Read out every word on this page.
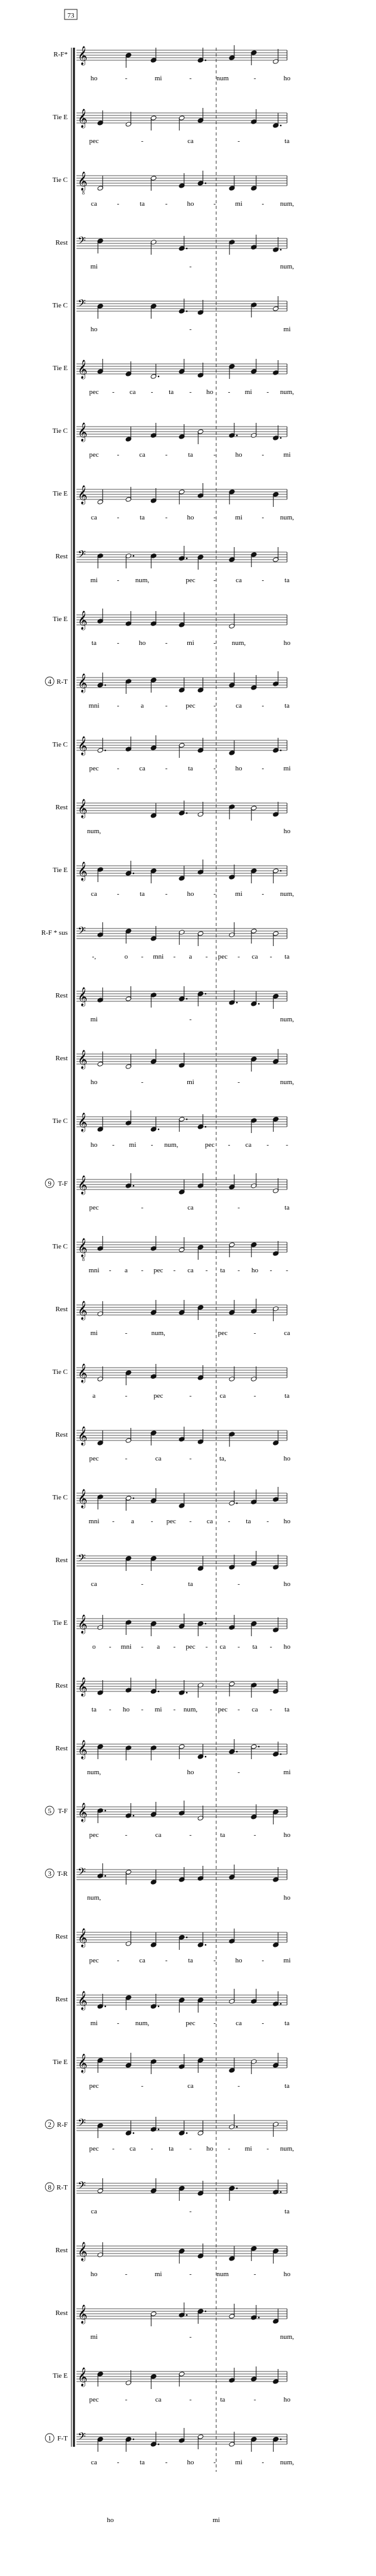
73
R-F* 𝄞
ho	-	mi	-	num	-	ho
Tie E 𝄞
pec	-	ca	-	ta
Tie C 𝄞
8
ca	-	ta	-	ho	-	mi	- num,
Rest 𝄢
mi	-	num,
Tie C 𝄢
ho	-	mi
Tie E 𝄞
pec - ca - ta - ho - mi - num,
Tie C 𝄞
pec	-	ca	-	ta	-	ho	-	mi
Tie E 𝄞
ca	-	ta	-	ho	-	mi	- num,
Rest 𝄢
mi	- num,	pec	-	ca	-	ta
Tie E 𝄞
ta	-	ho	-	mi	- num,	ho
R-T
4 𝄞
mni	-	a	-	pec	-	ca	-	ta
Tie C 𝄞
pec	-	ca	-	ta	-	ho	-	mi
Rest 𝄞
num,	ho
Tie E 𝄞
ca	-	ta	-	ho	-	mi	- num,
R-F * sus 𝄢
-,	o - mni - a - pec - ca - ta
Rest 𝄞
mi	-	num,
Rest 𝄞
ho	-	mi	-	num,
Tie C 𝄞
ho - mi - num,	pec - ca - -
T-F
9 𝄞
pec	-	ca	-	ta
Tie C 𝄞
8
mni - a - pec - ca - ta - ho - -
Rest 𝄞
mi	-	num,	pec	-	ca
Tie C 𝄞
a	-	pec	-	ca	-	ta
Rest 𝄞
pec	-	ca	-	ta,	ho
Tie C 𝄞
mni - a - pec - ca - ta - ho
Rest 𝄢
ca	-	ta	-	ho
Tie E 𝄞
o - mni - a - pec - ca - ta - ho
Rest 𝄞
ta - ho - mi - num,	pec - ca - ta
Rest 𝄞
num,	ho	-	mi
T-F
5 𝄞
pec	-	ca	-	ta	-	ho
T-R
3 𝄢
num,	ho
Rest 𝄞
pec	-	ca	-	ta	-	ho	-	mi
Rest 𝄞
mi	- num,	pec	-	ca	-	ta
Tie E 𝄞
pec	-	ca	-	ta
R-F
2 𝄢
pec - ca - ta - ho - mi - num,
R-T
8 𝄢
ca	-	ta
Rest 𝄞
ho	-	mi	-	num	-	ho
Rest 𝄞
mi	-	num,
Tie E 𝄞
pec	-	ca	-	ta	-	ho
F-T
1 𝄢
ca	-	ta	-	ho	-	mi	- num,
ho	mi
